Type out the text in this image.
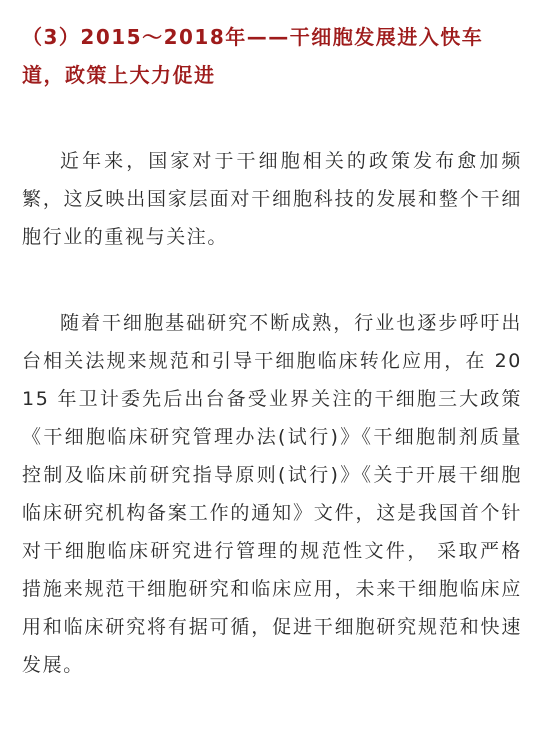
（3）2015～2018年——干细胞发展进入快车道，政策上大力促进

近年来，国家对于干细胞相关的政策发布愈加频繁，这反映出国家层面对干细胞科技的发展和整个干细胞行业的重视与关注。

随着干细胞基础研究不断成熟，行业也逐步呼吁出台相关法规来规范和引导干细胞临床转化应用，在 2015 年卫计委先后出台备受业界关注的干细胞三大政策《干细胞临床研究管理办法(试行)》《干细胞制剂质量控制及临床前研究指导原则(试行)》《关于开展干细胞临床研究机构备案工作的通知》文件，这是我国首个针对干细胞临床研究进行管理的规范性文件， 采取严格措施来规范干细胞研究和临床应用，未来干细胞临床应用和临床研究将有据可循，促进干细胞研究规范和快速发展。
